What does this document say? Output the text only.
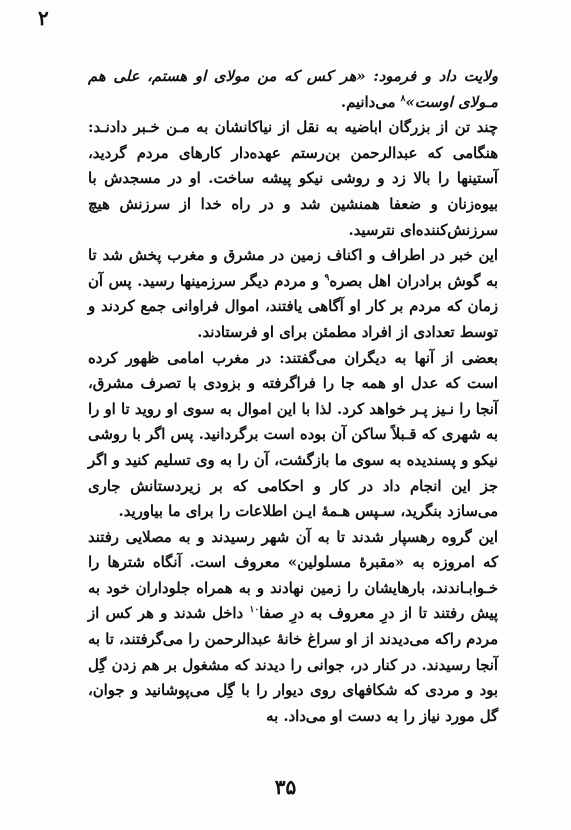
۲

ولایت داد و فرمود: «هر کس که من مولای او هستم، علی هم مـولای اوست»$^۸$ می‌دانیم.

چند تن از بزرگان اباضیه به نقل از نیاکانشان به مـن خـبر دادنـد: هنگامی که عبدالرحمن بن‌رستم عهده‌دار کارهای مردم گردید، آستینها را بالا زد و روشی نیکو پیشه ساخت. او در مسجدش با بیوه‌زنان و ضعفا همنشین شد و در راه خدا از سرزنش هیچ سرزنش‌کننده‌ای نترسید.

این خبر در اطراف و اکناف زمین در مشرق و مغرب پخش شد تا به گوش برادران اهل بصره$^۹$ و مردم دیگر سرزمینها رسید. پس آن زمان که مردم بر کار او آگاهی یافتند، اموال فراوانی جمع کردند و توسط تعدادی از افراد مطمئن برای او فرستادند.

بعضی از آنها به دیگران می‌گفتند: در مغرب امامی ظهور کرده است که عدل او همه جا را فراگرفته و بزودی با تصرف مشرق، آنجا را نـیز پـر خواهد کرد. لذا با این اموال به سوی او روید تا او را به شهری که قـبلاً ساکن آن بوده است برگردانید. پس اگر با روشی نیکو و پسندیده به سوی ما بازگشت، آن را به وی تسلیم کنید و اگر جز این انجام داد در کار و احکامی که بر زیردستانش جاری می‌سازد بنگرید، سـپس هـمهٔ ایـن اطلاعات را برای ما بیاورید.

این گروه رهسپار شدند تا به آن شهر رسیدند و به مصلایی رفتند که امروزه به «مقبرهٔ مسلولین» معروف است. آنگاه شترها را خـوابـاندند، بارهایشان را زمین نهادند و به همراه جلوداران خود به پیش رفتند تا از درِ معروف به درِ صفا$^{۱۰}$ داخل شدند و هر کس از مردم راکه می‌دیدند از او سراغ خانهٔ عبدالرحمن را می‌گرفتند، تا به آنجا رسیدند. در کنار در، جوانی را دیدند که مشغول بر هم زدن گِل بود و مردی که شکافهای روی دیوار را با گِل می‌پوشانید و جوان، گل مورد نیاز را به دست او می‌داد. به

۳۵
